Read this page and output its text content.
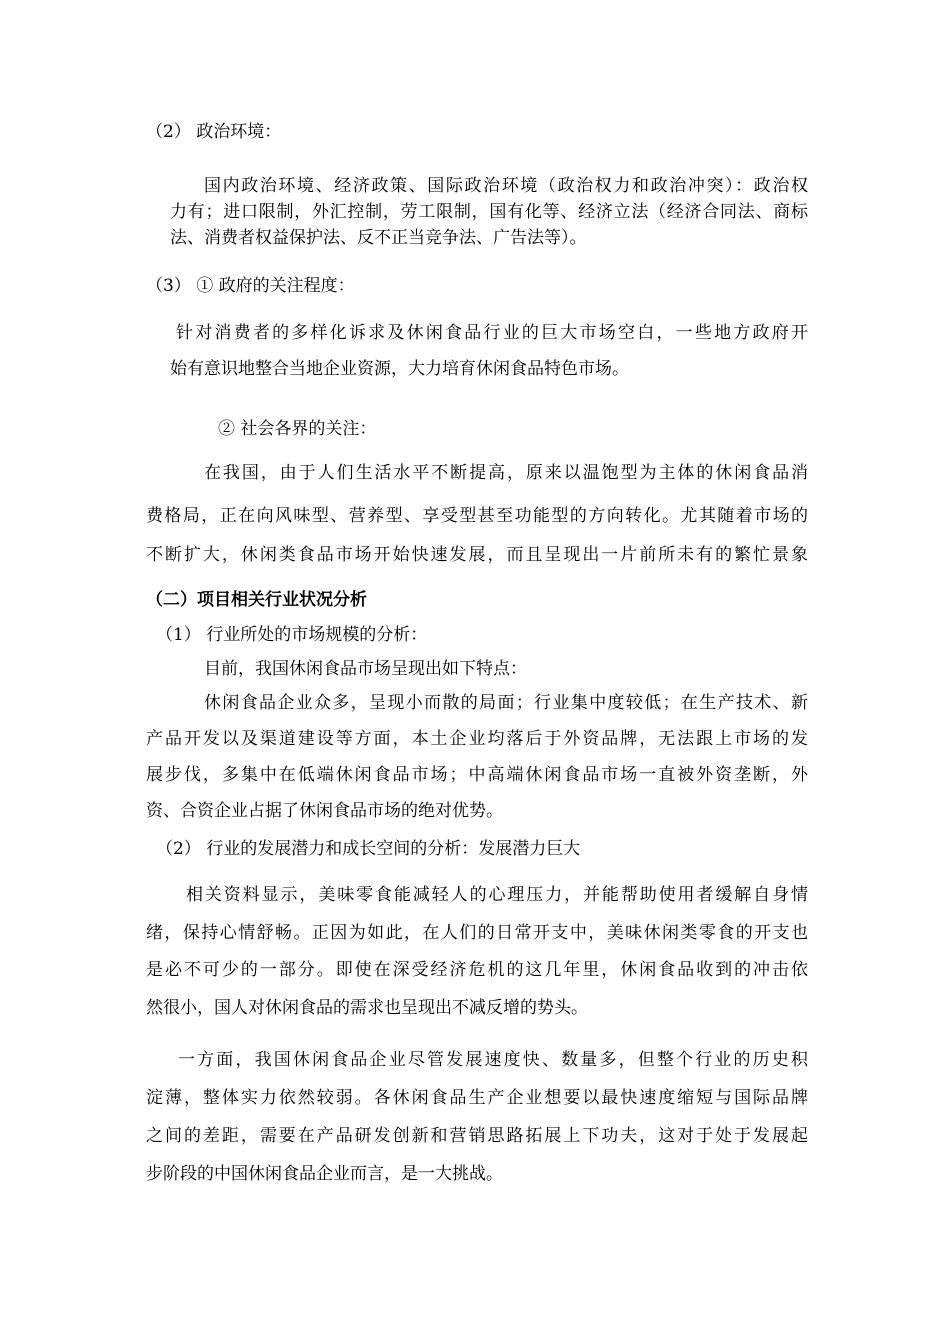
（2） 政治环境：
国内政治环境、经济政策、国际政治环境（政治权力和政治冲突）：政治权
力有；进口限制，外汇控制，劳工限制，国有化等、经济立法（经济合同法、商标
法、消费者权益保护法、反不正当竞争法、广告法等）。
（3） ① 政府的关注程度：
针对消费者的多样化诉求及休闲食品行业的巨大市场空白，一些地方政府开
始有意识地整合当地企业资源，大力培育休闲食品特色市场。
② 社会各界的关注：
在我国，由于人们生活水平不断提高，原来以温饱型为主体的休闲食品消
费格局，正在向风味型、营养型、享受型甚至功能型的方向转化。尤其随着市场的
不断扩大，休闲类食品市场开始快速发展，而且呈现出一片前所未有的繁忙景象
（二）项目相关行业状况分析
（1） 行业所处的市场规模的分析：
目前，我国休闲食品市场呈现出如下特点：
休闲食品企业众多，呈现小而散的局面；行业集中度较低；在生产技术、新
产品开发以及渠道建设等方面，本土企业均落后于外资品牌，无法跟上市场的发
展步伐，多集中在低端休闲食品市场；中高端休闲食品市场一直被外资垄断，外
资、合资企业占据了休闲食品市场的绝对优势。
（2） 行业的发展潜力和成长空间的分析：发展潜力巨大
相关资料显示，美味零食能减轻人的心理压力，并能帮助使用者缓解自身情
绪，保持心情舒畅。正因为如此，在人们的日常开支中，美味休闲类零食的开支也
是必不可少的一部分。即使在深受经济危机的这几年里，休闲食品收到的冲击依
然很小，国人对休闲食品的需求也呈现出不减反增的势头。
一方面，我国休闲食品企业尽管发展速度快、数量多，但整个行业的历史积
淀薄，整体实力依然较弱。各休闲食品生产企业想要以最快速度缩短与国际品牌
之间的差距，需要在产品研发创新和营销思路拓展上下功夫，这对于处于发展起
步阶段的中国休闲食品企业而言，是一大挑战。
